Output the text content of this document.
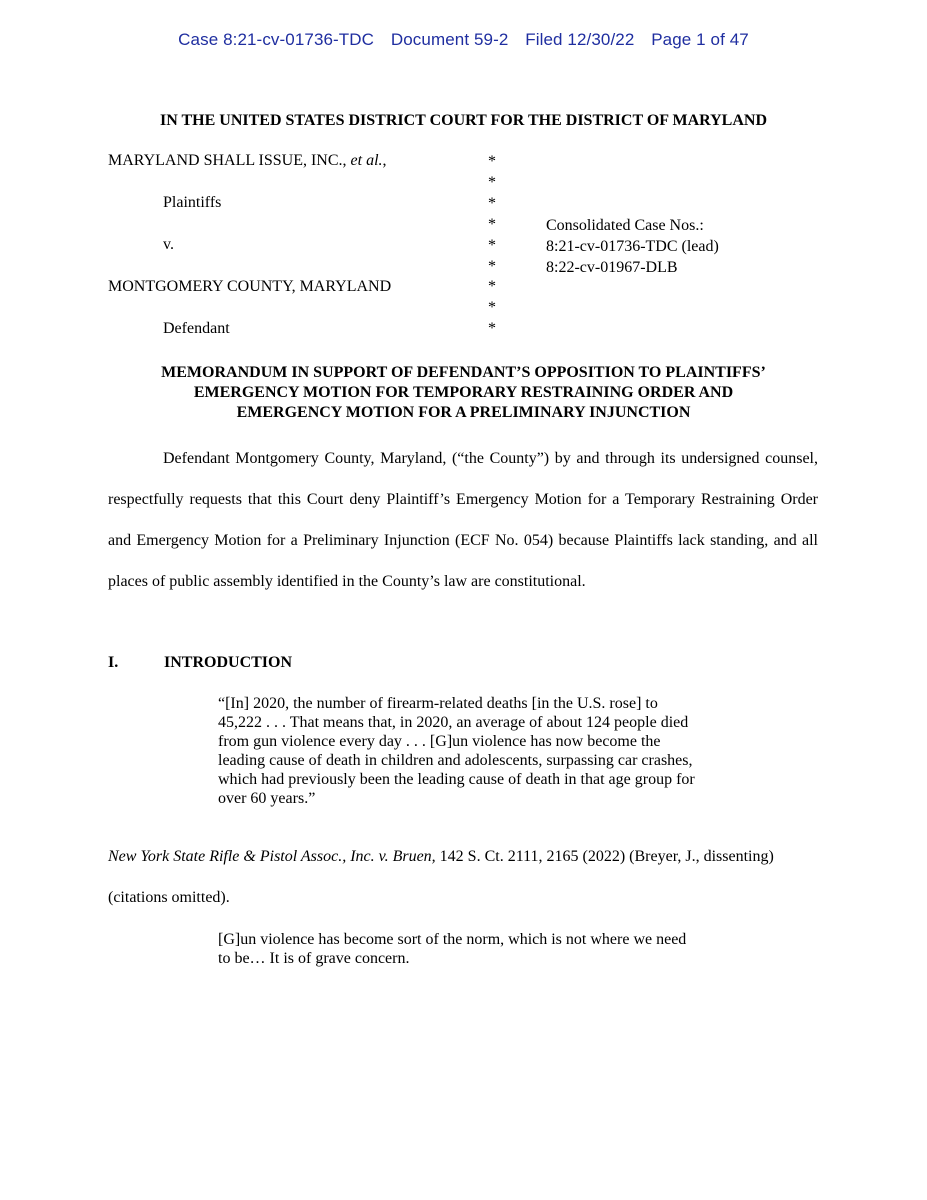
Case 8:21-cv-01736-TDC Document 59-2 Filed 12/30/22 Page 1 of 47
IN THE UNITED STATES DISTRICT COURT FOR THE DISTRICT OF MARYLAND
MARYLAND SHALL ISSUE, INC., et al.,
Plaintiffs
v.
MONTGOMERY COUNTY, MARYLAND
Defendant
*
*
*
*
*
*
*
*
*
Consolidated Case Nos.:
8:21-cv-01736-TDC (lead)
8:22-cv-01967-DLB
MEMORANDUM IN SUPPORT OF DEFENDANT’S OPPOSITION TO PLAINTIFFS’
EMERGENCY MOTION FOR TEMPORARY RESTRAINING ORDER AND
EMERGENCY MOTION FOR A PRELIMINARY INJUNCTION
Defendant Montgomery County, Maryland, (“the County”) by and through its undersigned counsel, respectfully requests that this Court deny Plaintiff’s Emergency Motion for a Temporary Restraining Order and Emergency Motion for a Preliminary Injunction (ECF No. 054) because Plaintiffs lack standing, and all places of public assembly identified in the County’s law are constitutional.
I.	INTRODUCTION
“[In] 2020, the number of firearm-related deaths [in the U.S. rose] to
45,222 . . . That means that, in 2020, an average of about 124 people died
from gun violence every day . . . [G]un violence has now become the
leading cause of death in children and adolescents, surpassing car crashes,
which had previously been the leading cause of death in that age group for
over 60 years.”
New York State Rifle & Pistol Assoc., Inc. v. Bruen, 142 S. Ct. 2111, 2165 (2022) (Breyer, J., dissenting) (citations omitted).
[G]un violence has become sort of the norm, which is not where we need
to be… It is of grave concern.
